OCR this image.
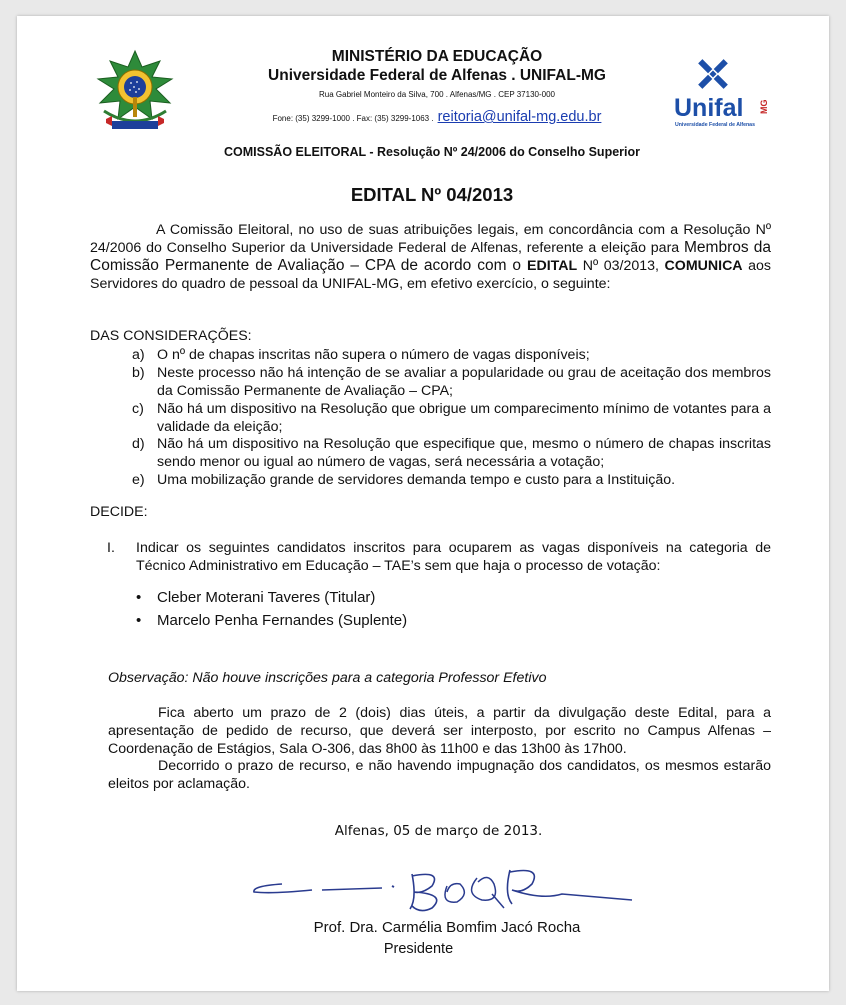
MINISTÉRIO DA EDUCAÇÃO
Universidade Federal de Alfenas . UNIFAL-MG
Rua Gabriel Monteiro da Silva, 700 . Alfenas/MG . CEP 37130-000
Fone: (35) 3299-1000 . Fax: (35) 3299-1063 . reitoria@unifal-mg.edu.br	Unifal MG
Universidade Federal de Alfenas
COMISSÃO ELEITORAL - Resolução Nº 24/2006 do Conselho Superior
EDITAL Nº 04/2013

A Comissão Eleitoral, no uso de suas atribuições legais, em concordância com a Resolução Nº 24/2006 do Conselho Superior da Universidade Federal de Alfenas, referente a eleição para Membros da Comissão Permanente de Avaliação – CPA de acordo com o EDITAL Nº 03/2013, COMUNICA aos Servidores do quadro de pessoal da UNIFAL-MG, em efetivo exercício, o seguinte:

DAS CONSIDERAÇÕES:
a) O nº de chapas inscritas não supera o número de vagas disponíveis;
b) Neste processo não há intenção de se avaliar a popularidade ou grau de aceitação dos membros da Comissão Permanente de Avaliação – CPA;
c) Não há um dispositivo na Resolução que obrigue um comparecimento mínimo de votantes para a validade da eleição;
d) Não há um dispositivo na Resolução que especifique que, mesmo o número de chapas inscritas sendo menor ou igual ao número de vagas, será necessária a votação;
e) Uma mobilização grande de servidores demanda tempo e custo para a Instituição.
DECIDE:
I. Indicar os seguintes candidatos inscritos para ocuparem as vagas disponíveis na categoria de Técnico Administrativo em Educação – TAE’s sem que haja o processo de votação:
• Cleber Moterani Taveres (Titular)
• Marcelo Penha Fernandes (Suplente)
Observação: Não houve inscrições para a categoria Professor Efetivo

Fica aberto um prazo de 2 (dois) dias úteis, a partir da divulgação deste Edital, para a apresentação de pedido de recurso, que deverá ser interposto, por escrito no Campus Alfenas – Coordenação de Estágios, Sala O-306, das 8h00 às 11h00 e das 13h00 às 17h00.

Decorrido o prazo de recurso, e não havendo impugnação dos candidatos, os mesmos estarão eleitos por aclamação.

Alfenas, 05 de março de 2013.
Prof. Dra. Carmélia Bomfim Jacó Rocha
Presidente
